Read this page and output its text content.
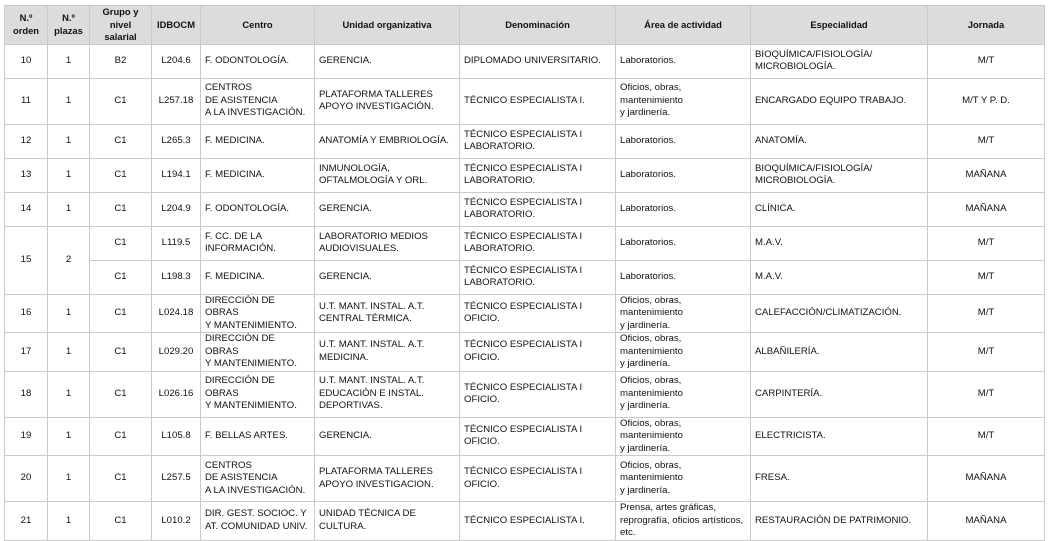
N.º
orden	N.º
plazas	Grupo y nivel
salarial	IDBOCM	Centro	Unidad organizativa	Denominación	Área de actividad	Especialidad	Jornada
10	1	B2	L204.6	F. ODONTOLOGÍA.	GERENCIA.	DIPLOMADO UNIVERSITARIO.	Laboratorios.	BIOQUÍMICA/FISIOLOGÍA/
MICROBIOLOGÍA.	M/T
11	1	C1	L257.18	CENTROS
DE ASISTENCIA
A LA INVESTIGACIÓN.	PLATAFORMA TALLERES
APOYO INVESTIGACIÓN.	TÉCNICO ESPECIALISTA I.	Oficios, obras, mantenimiento
y jardinería.	ENCARGADO EQUIPO TRABAJO.	M/T Y P. D.
12	1	C1	L265.3	F. MEDICINA.	ANATOMÍA Y EMBRIOLOGÍA.	TÉCNICO ESPECIALISTA I
LABORATORIO.	Laboratorios.	ANATOMÍA.	M/T
13	1	C1	L194.1	F. MEDICINA.	INMUNOLOGÍA,
OFTALMOLOGÍA Y ORL.	TÉCNICO ESPECIALISTA I
LABORATORIO.	Laboratorios.	BIOQUÍMICA/FISIOLOGÍA/
MICROBIOLOGÍA.	MAÑANA
14	1	C1	L204.9	F. ODONTOLOGÍA.	GERENCIA.	TÉCNICO ESPECIALISTA I
LABORATORIO.	Laboratorios.	CLÍNICA.	MAÑANA
15	2	C1	L119.5	F. CC. DE LA
INFORMACIÓN.	LABORATORIO MEDIOS
AUDIOVISUALES.	TÉCNICO ESPECIALISTA I
LABORATORIO.	Laboratorios.	M.A.V.	M/T
		C1	L198.3	F. MEDICINA.	GERENCIA.	TÉCNICO ESPECIALISTA I
LABORATORIO.	Laboratorios.	M.A.V.	M/T
16	1	C1	L024.18	DIRECCIÓN DE OBRAS
Y MANTENIMIENTO.	U.T. MANT. INSTAL. A.T.
CENTRAL TÉRMICA.	TÉCNICO ESPECIALISTA I
OFICIO.	Oficios, obras, mantenimiento
y jardinería.	CALEFACCIÓN/CLIMATIZACIÓN.	M/T
17	1	C1	L029.20	DIRECCIÓN DE OBRAS
Y MANTENIMIENTO.	U.T. MANT. INSTAL. A.T.
MEDICINA.	TÉCNICO ESPECIALISTA I
OFICIO.	Oficios, obras, mantenimiento
y jardinería.	ALBAÑILERÍA.	M/T
18	1	C1	L026.16	DIRECCIÓN DE OBRAS
Y MANTENIMIENTO.	U.T. MANT. INSTAL. A.T.
EDUCACIÓN E INSTAL.
DEPORTIVAS.	TÉCNICO ESPECIALISTA I
OFICIO.	Oficios, obras, mantenimiento
y jardinería.	CARPINTERÍA.	M/T
19	1	C1	L105.8	F. BELLAS ARTES.	GERENCIA.	TÉCNICO ESPECIALISTA I
OFICIO.	Oficios, obras, mantenimiento
y jardinería.	ELECTRICISTA.	M/T
20	1	C1	L257.5	CENTROS
DE ASISTENCIA
A LA INVESTIGACIÓN.	PLATAFORMA TALLERES
APOYO INVESTIGACION.	TÉCNICO ESPECIALISTA I
OFICIO.	Oficios, obras, mantenimiento
y jardinería.	FRESA.	MAÑANA
21	1	C1	L010.2	DIR. GEST. SOCIOC. Y
AT. COMUNIDAD UNIV.	UNIDAD TÉCNICA DE CULTURA.	TÉCNICO ESPECIALISTA I.	Prensa, artes gráficas,
reprografía, oficios artísticos, etc.	RESTAURACIÓN DE PATRIMONIO.	MAÑANA
